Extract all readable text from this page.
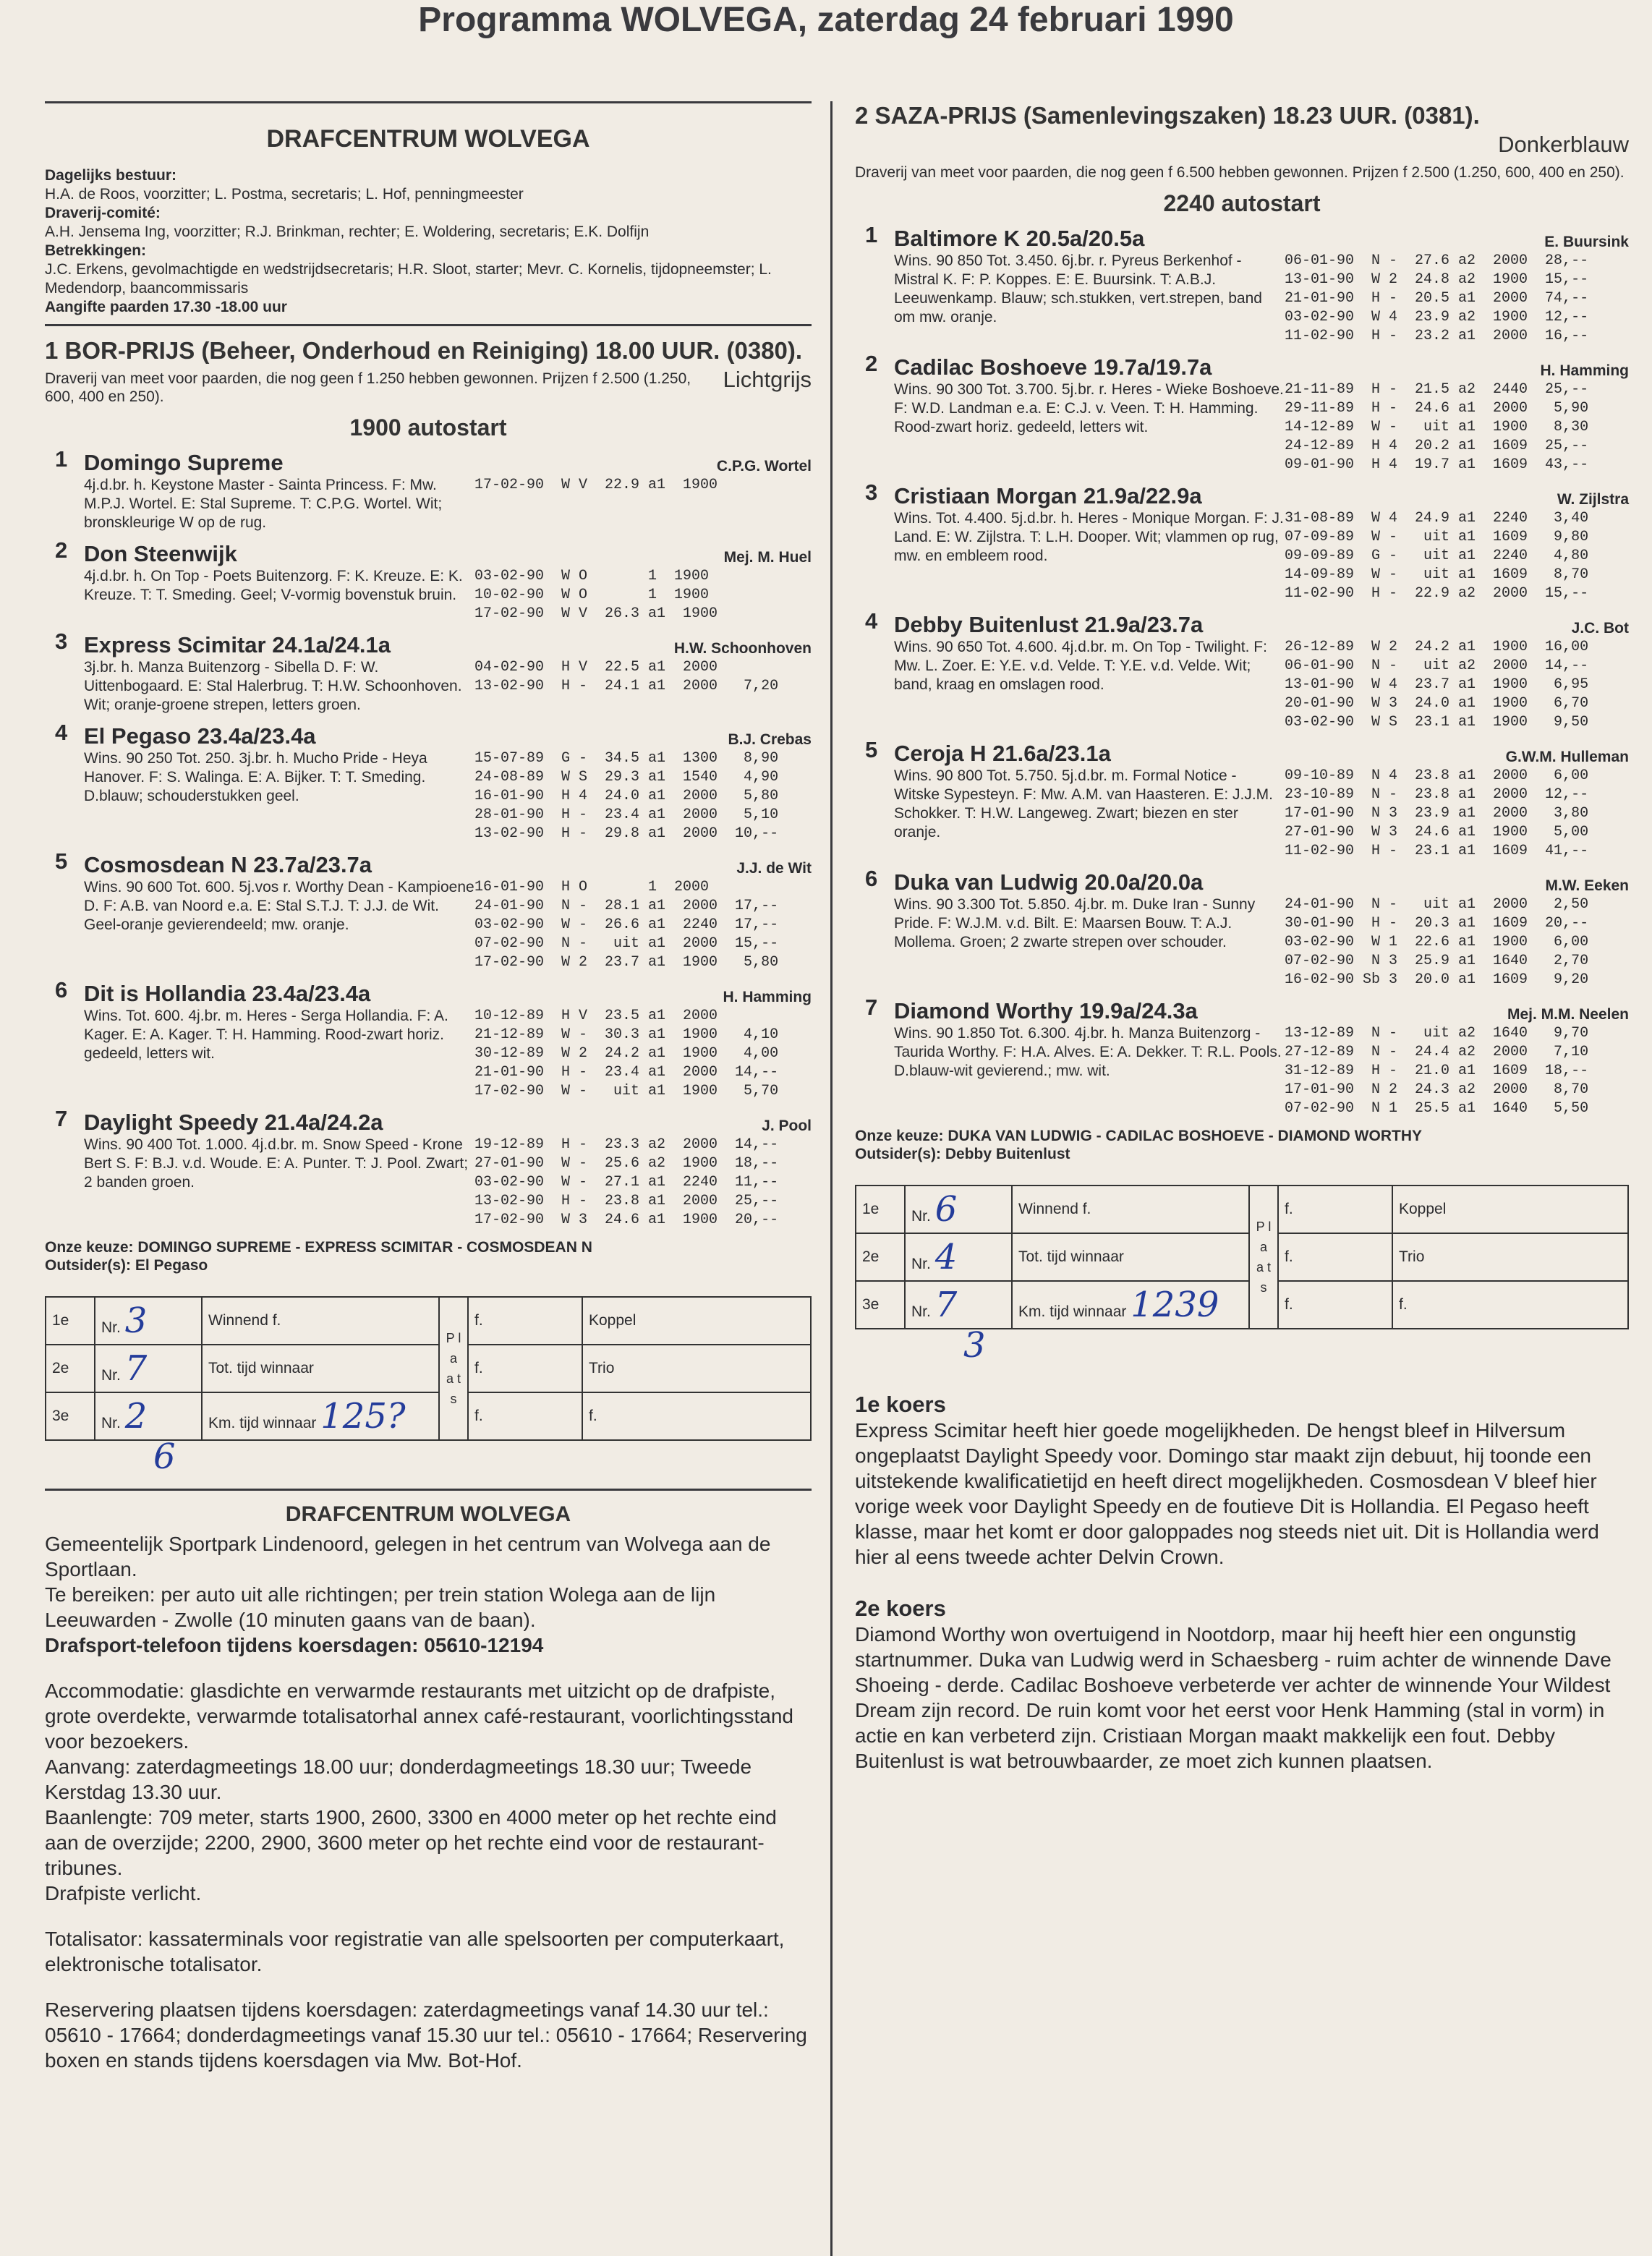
Programma WOLVEGA, zaterdag 24 februari 1990
DRAFCENTRUM WOLVEGA
Dagelijks bestuur:
H.A. de Roos, voorzitter; L. Postma, secretaris; L. Hof, penningmeester
Draverij-comité:
A.H. Jensema Ing, voorzitter; R.J. Brinkman, rechter; E. Woldering, secretaris; E.K. Dolfijn
Betrekkingen:
J.C. Erkens, gevolmachtigde en wedstrijdsecretaris; H.R. Sloot, starter; Mevr. C. Kornelis, tijdopneemster; L. Medendorp, baancommissaris
Aangifte paarden 17.30 -18.00 uur
1 BOR-PRIJS (Beheer, Onderhoud en Reiniging) 18.00 UUR. (0380).
Lichtgrijs
Draverij van meet voor paarden, die nog geen f 1.250 hebben gewonnen. Prijzen f 2.500 (1.250, 600, 400 en 250).
1900 autostart
1 Domingo Supreme	C.P.G. Wortel
4j.d.br. h. Keystone Master - Sainta Princess. F: Mw. M.P.J. Wortel. E: Stal Supreme. T: C.P.G. Wortel. Wit; bronskleurige W op de rug.
17-02-90  W V  22.9 a1  1900
2 Don Steenwijk	Mej. M. Huel
4j.d.br. h. On Top - Poets Buitenzorg. F: K. Kreuze. E: K. Kreuze. T: T. Smeding. Geel; V-vormig bovenstuk bruin.
03-02-90  W O       1  1900
10-02-90  W O       1  1900
17-02-90  W V  26.3 a1  1900
3 Express Scimitar 24.1a/24.1a	H.W. Schoonhoven
3j.br. h. Manza Buitenzorg - Sibella D. F: W. Uittenbogaard. E: Stal Halerbrug. T: H.W. Schoonhoven. Wit; oranje-groene strepen, letters groen.
04-02-90  H V  22.5 a1  2000
13-02-90  H -  24.1 a1  2000   7,20
4 El Pegaso 23.4a/23.4a	B.J. Crebas
Wins. 90 250 Tot. 250. 3j.br. h. Mucho Pride - Heya Hanover. F: S. Walinga. E: A. Bijker. T: T. Smeding. D.blauw; schouderstukken geel.
15-07-89  G -  34.5 a1  1300   8,90
24-08-89  W S  29.3 a1  1540   4,90
16-01-90  H 4  24.0 a1  2000   5,80
28-01-90  H -  23.4 a1  2000   5,10
13-02-90  H -  29.8 a1  2000  10,--
5 Cosmosdean N 23.7a/23.7a	J.J. de Wit
Wins. 90 600 Tot. 600. 5j.vos r. Worthy Dean - Kampioene D. F: A.B. van Noord e.a. E: Stal S.T.J. T: J.J. de Wit. Geel-oranje gevierendeeld; mw. oranje.
16-01-90  H O       1  2000
24-01-90  N -  28.1 a1  2000  17,--
03-02-90  W -  26.6 a1  2240  17,--
07-02-90  N -   uit a1  2000  15,--
17-02-90  W 2  23.7 a1  1900   5,80
6 Dit is Hollandia 23.4a/23.4a	H. Hamming
Wins. Tot. 600. 4j.br. m. Heres - Serga Hollandia. F: A. Kager. E: A. Kager. T: H. Hamming. Rood-zwart horiz. gedeeld, letters wit.
10-12-89  H V  23.5 a1  2000
21-12-89  W -  30.3 a1  1900   4,10
30-12-89  W 2  24.2 a1  1900   4,00
21-01-90  H -  23.4 a1  2000  14,--
17-02-90  W -   uit a1  1900   5,70
7 Daylight Speedy 21.4a/24.2a	J. Pool
Wins. 90 400 Tot. 1.000. 4j.d.br. m. Snow Speed - Krone Bert S. F: B.J. v.d. Woude. E: A. Punter. T: J. Pool. Zwart; 2 banden groen.
19-12-89  H -  23.3 a2  2000  14,--
27-01-90  W -  25.6 a2  1900  18,--
03-02-90  W -  27.1 a1  2240  11,--
13-02-90  H -  23.8 a1  2000  25,--
17-02-90  W 3  24.6 a1  1900  20,--
Onze keuze: DOMINGO SUPREME - EXPRESS SCIMITAR - COSMOSDEAN N
Outsider(s): El Pegaso
1e	Nr. 3	Winnend f.	P l a a t s	f.	Koppel
2e	Nr. 7	Tot. tijd winnaar		f.	Trio
3e	Nr. 2	Km. tijd winnaar 125?		f.	f.
6
DRAFCENTRUM WOLVEGA
Gemeentelijk Sportpark Lindenoord, gelegen in het centrum van Wolvega aan de Sportlaan.
Te bereiken: per auto uit alle richtingen; per trein station Wolega aan de lijn Leeuwarden - Zwolle (10 minuten gaans van de baan).
Drafsport-telefoon tijdens koersdagen: 05610-12194
Accommodatie: glasdichte en verwarmde restaurants met uitzicht op de drafpiste, grote overdekte, verwarmde totalisatorhal annex café-restaurant, voorlichtingsstand voor bezoekers.
Aanvang: zaterdagmeetings 18.00 uur; donderdagmeetings 18.30 uur; Tweede Kerstdag 13.30 uur.
Baanlengte: 709 meter, starts 1900, 2600, 3300 en 4000 meter op het rechte eind aan de overzijde; 2200, 2900, 3600 meter op het rechte eind voor de restaurant-tribunes.
Drafpiste verlicht.
Totalisator: kassaterminals voor registratie van alle spelsoorten per computerkaart, elektronische totalisator.
Reservering plaatsen tijdens koersdagen: zaterdagmeetings vanaf 14.30 uur tel.: 05610 - 17664; donderdagmeetings vanaf 15.30 uur tel.: 05610 - 17664; Reservering boxen en stands tijdens koersdagen via Mw. Bot-Hof.
2 SAZA-PRIJS (Samenlevingszaken) 18.23 UUR. (0381).
Donkerblauw
Draverij van meet voor paarden, die nog geen f 6.500 hebben gewonnen. Prijzen f 2.500 (1.250, 600, 400 en 250).
2240 autostart
1 Baltimore K 20.5a/20.5a	E. Buursink
Wins. 90 850 Tot. 3.450. 6j.br. r. Pyreus Berkenhof - Mistral K. F: P. Koppes. E: E. Buursink. T: A.B.J. Leeuwenkamp. Blauw; sch.stukken, vert.strepen, band om mw. oranje.
06-01-90  N -  27.6 a2  2000  28,--
13-01-90  W 2  24.8 a2  1900  15,--
21-01-90  H -  20.5 a1  2000  74,--
03-02-90  W 4  23.9 a2  1900  12,--
11-02-90  H -  23.2 a1  2000  16,--
2 Cadilac Boshoeve 19.7a/19.7a	H. Hamming
Wins. 90 300 Tot. 3.700. 5j.br. r. Heres - Wieke Boshoeve. F: W.D. Landman e.a. E: C.J. v. Veen. T: H. Hamming. Rood-zwart horiz. gedeeld, letters wit.
21-11-89  H -  21.5 a2  2440  25,--
29-11-89  H -  24.6 a1  2000   5,90
14-12-89  W -   uit a1  1900   8,30
24-12-89  H 4  20.2 a1  1609  25,--
09-01-90  H 4  19.7 a1  1609  43,--
3 Cristiaan Morgan 21.9a/22.9a	W. Zijlstra
Wins. Tot. 4.400. 5j.d.br. h. Heres - Monique Morgan. F: J. Land. E: W. Zijlstra. T: L.H. Dooper. Wit; vlammen op rug, mw. en embleem rood.
31-08-89  W 4  24.9 a1  2240   3,40
07-09-89  W -   uit a1  1609   9,80
09-09-89  G -   uit a1  2240   4,80
14-09-89  W -   uit a1  1609   8,70
11-02-90  H -  22.9 a2  2000  15,--
4 Debby Buitenlust 21.9a/23.7a	J.C. Bot
Wins. 90 650 Tot. 4.600. 4j.d.br. m. On Top - Twilight. F: Mw. L. Zoer. E: Y.E. v.d. Velde. T: Y.E. v.d. Velde. Wit; band, kraag en omslagen rood.
26-12-89  W 2  24.2 a1  1900  16,00
06-01-90  N -   uit a2  2000  14,--
13-01-90  W 4  23.7 a1  1900   6,95
20-01-90  W 3  24.0 a1  1900   6,70
03-02-90  W S  23.1 a1  1900   9,50
5 Ceroja H 21.6a/23.1a	G.W.M. Hulleman
Wins. 90 800 Tot. 5.750. 5j.d.br. m. Formal Notice - Witske Sypesteyn. F: Mw. A.M. van Haasteren. E: J.J.M. Schokker. T: H.W. Langeweg. Zwart; biezen en ster oranje.
09-10-89  N 4  23.8 a1  2000   6,00
23-10-89  N -  23.8 a1  2000  12,--
17-01-90  N 3  23.9 a1  2000   3,80
27-01-90  W 3  24.6 a1  1900   5,00
11-02-90  H -  23.1 a1  1609  41,--
6 Duka van Ludwig 20.0a/20.0a	M.W. Eeken
Wins. 90 3.300 Tot. 5.850. 4j.br. m. Duke Iran - Sunny Pride. F: W.J.M. v.d. Bilt. E: Maarsen Bouw. T: A.J. Mollema. Groen; 2 zwarte strepen over schouder.
24-01-90  N -   uit a1  2000   2,50
30-01-90  H -  20.3 a1  1609  20,--
03-02-90  W 1  22.6 a1  1900   6,00
07-02-90  N 3  25.9 a1  1640   2,70
16-02-90 Sb 3  20.0 a1  1609   9,20
7 Diamond Worthy 19.9a/24.3a	Mej. M.M. Neelen
Wins. 90 1.850 Tot. 6.300. 4j.br. h. Manza Buitenzorg - Taurida Worthy. F: H.A. Alves. E: A. Dekker. T: R.L. Pools. D.blauw-wit gevierend.; mw. wit.
13-12-89  N -   uit a2  1640   9,70
27-12-89  N -  24.4 a2  2000   7,10
31-12-89  H -  21.0 a1  1609  18,--
17-01-90  N 2  24.3 a2  2000   8,70
07-02-90  N 1  25.5 a1  1640   5,50
Onze keuze: DUKA VAN LUDWIG - CADILAC BOSHOEVE - DIAMOND WORTHY
Outsider(s): Debby Buitenlust
1e	Nr. 6	Winnend f.	P l a a t s	f.	Koppel
2e	Nr. 4	Tot. tijd winnaar		f.	Trio
3e	Nr. 7	Km. tijd winnaar 1239		f.	f.
3
1e koers
Express Scimitar heeft hier goede mogelijkheden. De hengst bleef in Hilversum ongeplaatst Daylight Speedy voor. Domingo star maakt zijn debuut, hij toonde een uitstekende kwalificatietijd en heeft direct mogelijkheden. Cosmosdean V bleef hier vorige week voor Daylight Speedy en de foutieve Dit is Hollandia. El Pegaso heeft klasse, maar het komt er door galoppades nog steeds niet uit. Dit is Hollandia werd hier al eens tweede achter Delvin Crown.
2e koers
Diamond Worthy won overtuigend in Nootdorp, maar hij heeft hier een ongunstig startnummer. Duka van Ludwig werd in Schaesberg - ruim achter de winnende Dave Shoeing - derde. Cadilac Boshoeve verbeterde ver achter de winnende Your Wildest Dream zijn record. De ruin komt voor het eerst voor Henk Hamming (stal in vorm) in actie en kan verbeterd zijn. Cristiaan Morgan maakt makkelijk een fout. Debby Buitenlust is wat betrouwbaarder, ze moet zich kunnen plaatsen.
